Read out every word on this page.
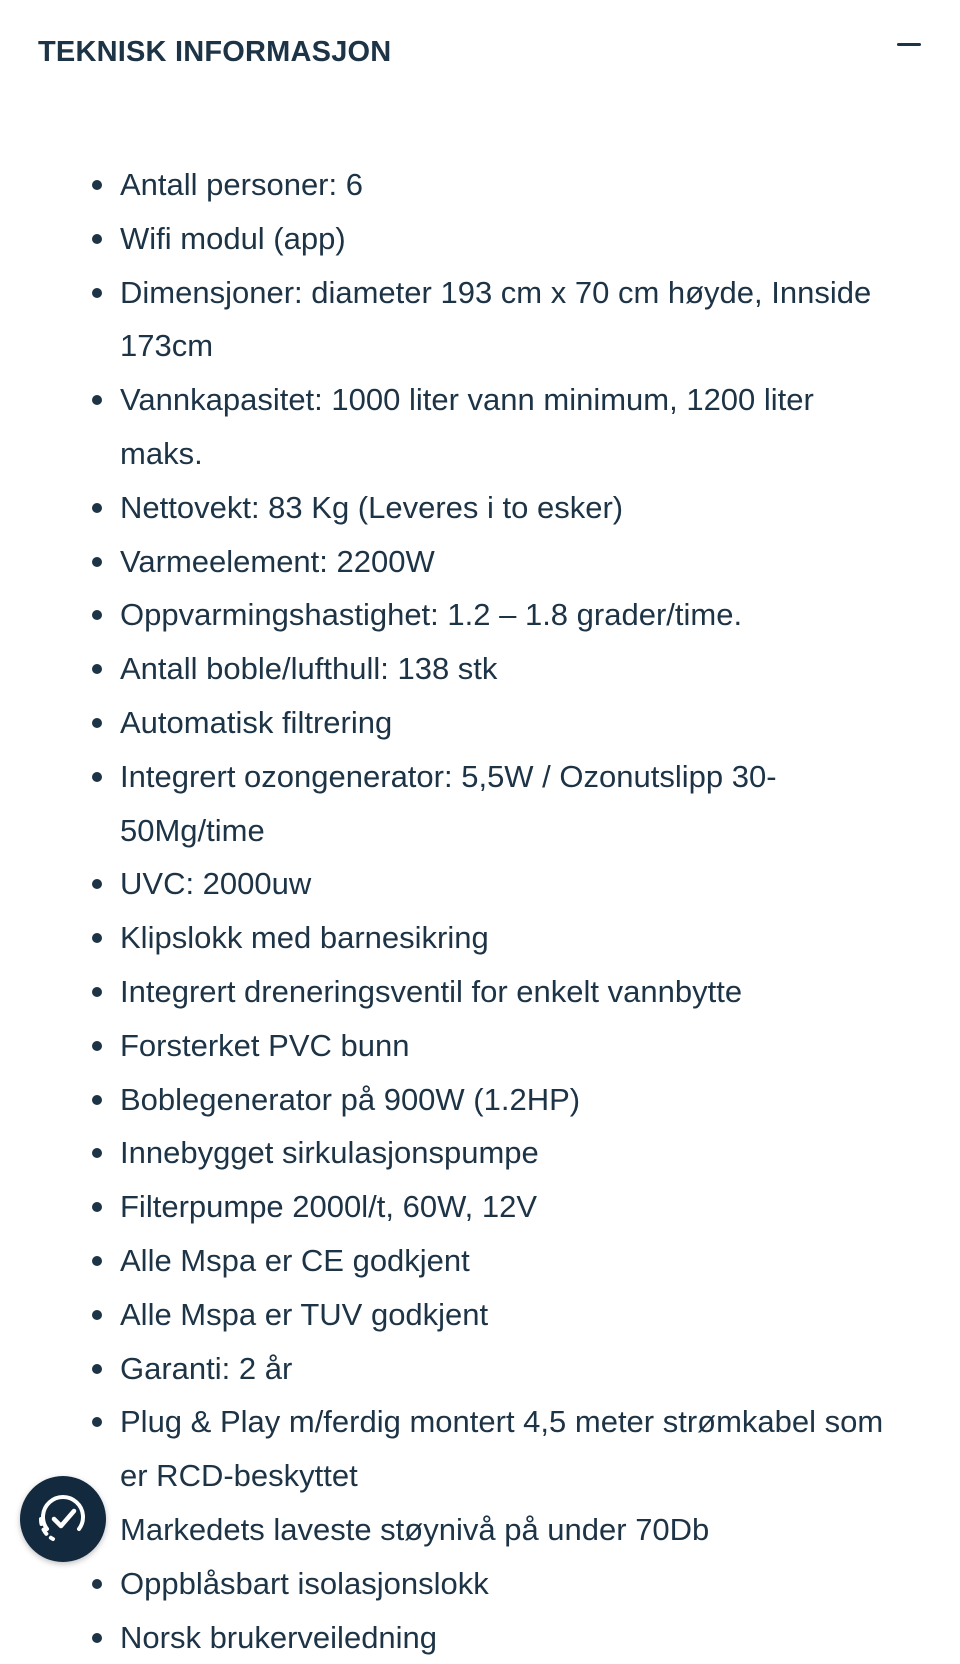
TEKNISK INFORMASJON
Antall personer: 6
Wifi modul (app)
Dimensjoner: diameter 193 cm x 70 cm høyde, Innside 173cm
Vannkapasitet: 1000 liter vann minimum, 1200 liter maks.
Nettovekt: 83 Kg (Leveres i to esker)
Varmeelement: 2200W
Oppvarmingshastighet: 1.2 – 1.8 grader/time.
Antall boble/lufthull: 138 stk
Automatisk filtrering
Integrert ozongenerator: 5,5W / Ozonutslipp 30-50Mg/time
UVC: 2000uw
Klipslokk med barnesikring
Integrert dreneringsventil for enkelt vannbytte
Forsterket PVC bunn
Boblegenerator på 900W (1.2HP)
Innebygget sirkulasjonspumpe
Filterpumpe 2000l/t, 60W, 12V
Alle Mspa er CE godkjent
Alle Mspa er TUV godkjent
Garanti: 2 år
Plug & Play m/ferdig montert 4,5 meter strømkabel som er RCD-beskyttet
Markedets laveste støynivå på under 70Db
Oppblåsbart isolasjonslokk
Norsk brukerveiledning
